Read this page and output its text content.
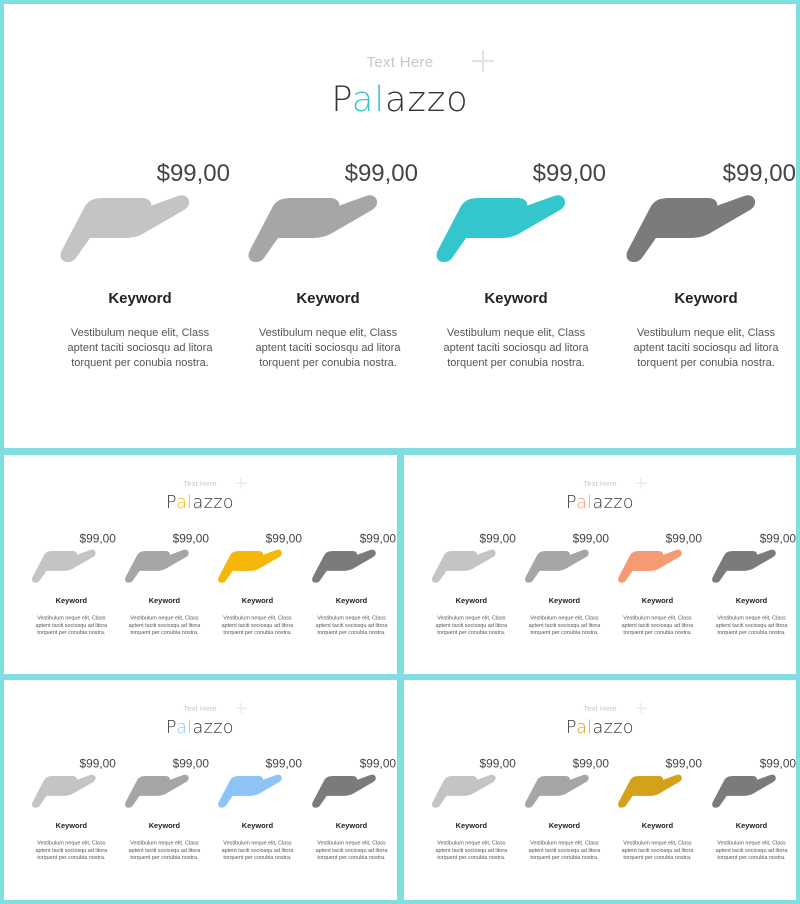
Text Here
Palazzo
$99,00
Keyword
Vestibulum neque elit, Class aptent taciti sociosqu ad litora torquent per conubia nostra.
$99,00
Keyword
Vestibulum neque elit, Class aptent taciti sociosqu ad litora torquent per conubia nostra.
$99,00
Keyword
Vestibulum neque elit, Class aptent taciti sociosqu ad litora torquent per conubia nostra.
$99,00
Keyword
Vestibulum neque elit, Class aptent taciti sociosqu ad litora torquent per conubia nostra.
Text Here
Palazzo
$99,00
Keyword
Vestibulum neque elit, Class aptent taciti sociosqu ad litora torquent per conubia nostra.
$99,00
Keyword
Vestibulum neque elit, Class aptent taciti sociosqu ad litora torquent per conubia nostra.
$99,00
Keyword
Vestibulum neque elit, Class aptent taciti sociosqu ad litora torquent per conubia nostra.
$99,00
Keyword
Vestibulum neque elit, Class aptent taciti sociosqu ad litora torquent per conubia nostra.
Text Here
Palazzo
$99,00
Keyword
Vestibulum neque elit, Class aptent taciti sociosqu ad litora torquent per conubia nostra.
$99,00
Keyword
Vestibulum neque elit, Class aptent taciti sociosqu ad litora torquent per conubia nostra.
$99,00
Keyword
Vestibulum neque elit, Class aptent taciti sociosqu ad litora torquent per conubia nostra.
$99,00
Keyword
Vestibulum neque elit, Class aptent taciti sociosqu ad litora torquent per conubia nostra.
Text Here
Palazzo
$99,00
Keyword
Vestibulum neque elit, Class aptent taciti sociosqu ad litora torquent per conubia nostra.
$99,00
Keyword
Vestibulum neque elit, Class aptent taciti sociosqu ad litora torquent per conubia nostra.
$99,00
Keyword
Vestibulum neque elit, Class aptent taciti sociosqu ad litora torquent per conubia nostra.
$99,00
Keyword
Vestibulum neque elit, Class aptent taciti sociosqu ad litora torquent per conubia nostra.
Text Here
Palazzo
$99,00
Keyword
Vestibulum neque elit, Class aptent taciti sociosqu ad litora torquent per conubia nostra.
$99,00
Keyword
Vestibulum neque elit, Class aptent taciti sociosqu ad litora torquent per conubia nostra.
$99,00
Keyword
Vestibulum neque elit, Class aptent taciti sociosqu ad litora torquent per conubia nostra.
$99,00
Keyword
Vestibulum neque elit, Class aptent taciti sociosqu ad litora torquent per conubia nostra.
